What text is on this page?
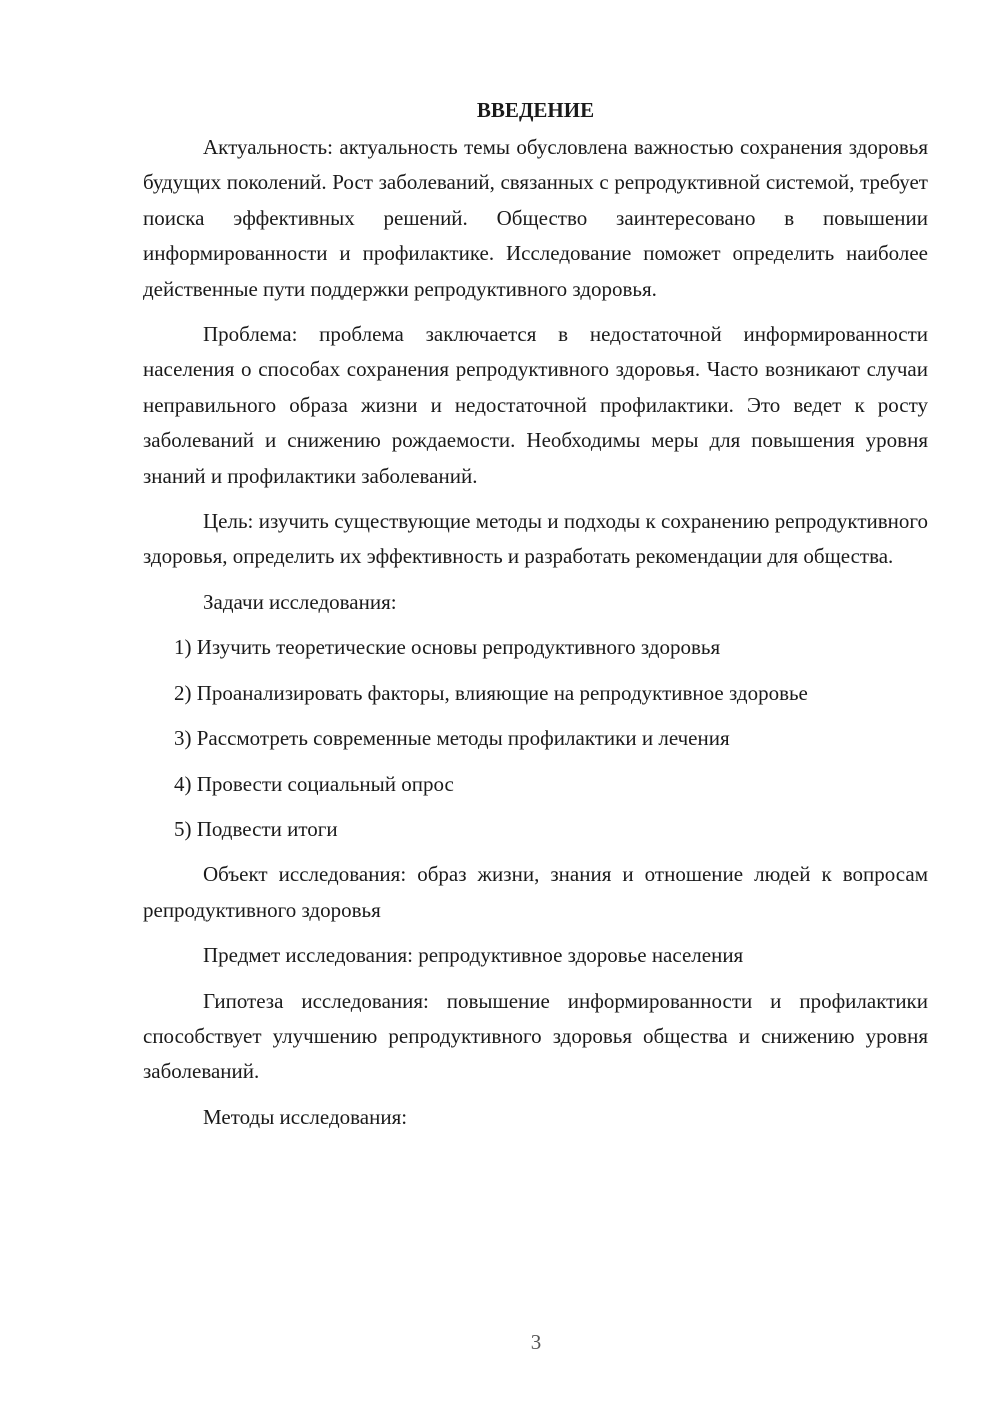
ВВЕДЕНИЕ

Актуальность: актуальность темы обусловлена важностью сохранения здоровья будущих поколений. Рост заболеваний, связанных с репродуктивной системой, требует поиска эффективных решений. Общество заинтересовано в повышении информированности и профилактике. Исследование поможет определить наиболее действенные пути поддержки репродуктивного здоровья.

Проблема: проблема заключается в недостаточной информированности населения о способах сохранения репродуктивного здоровья. Часто возникают случаи неправильного образа жизни и недостаточной профилактики. Это ведет к росту заболеваний и снижению рождаемости. Необходимы меры для повышения уровня знаний и профилактики заболеваний.

Цель: изучить существующие методы и подходы к сохранению репродуктивного здоровья, определить их эффективность и разработать рекомендации для общества.

Задачи исследования:

1) Изучить теоретические основы репродуктивного здоровья

2) Проанализировать факторы, влияющие на репродуктивное здоровье

3) Рассмотреть современные методы профилактики и лечения

4) Провести социальный опрос

5) Подвести итоги

Объект исследования: образ жизни, знания и отношение людей к вопросам репродуктивного здоровья

Предмет исследования: репродуктивное здоровье населения

Гипотеза исследования: повышение информированности и профилактики способствует улучшению репродуктивного здоровья общества и снижению уровня заболеваний.

Методы исследования:

3
